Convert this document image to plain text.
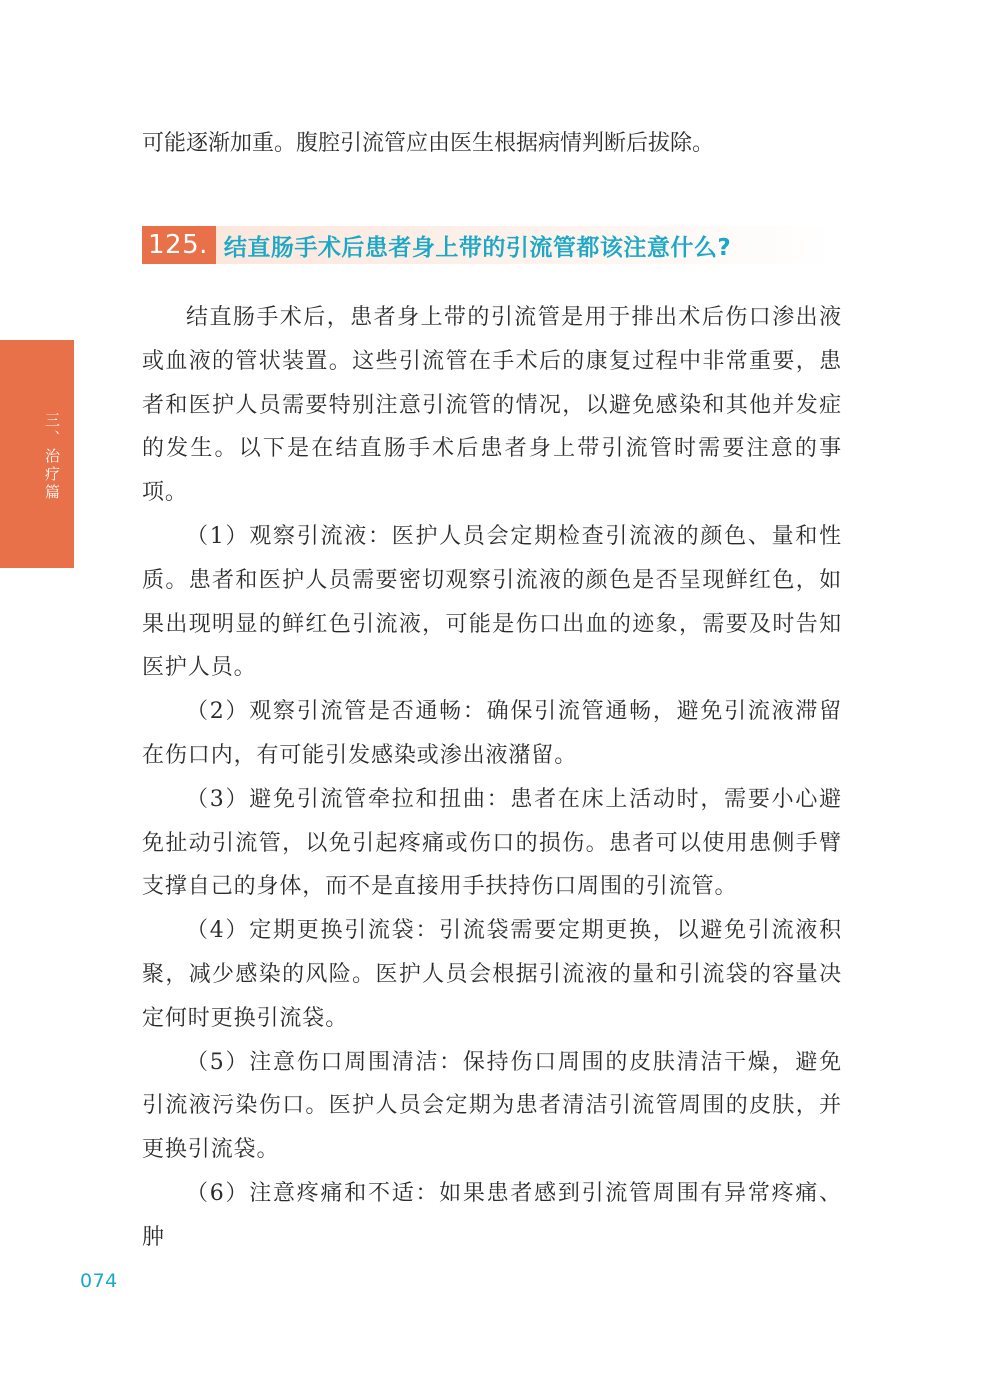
三、治疗篇

可能逐渐加重。腹腔引流管应由医生根据病情判断后拔除。

125. 结直肠手术后患者身上带的引流管都该注意什么?

结直肠手术后，患者身上带的引流管是用于排出术后伤口渗出液或血液的管状装置。这些引流管在手术后的康复过程中非常重要，患者和医护人员需要特别注意引流管的情况，以避免感染和其他并发症的发生。以下是在结直肠手术后患者身上带引流管时需要注意的事项。

（1）观察引流液：医护人员会定期检查引流液的颜色、量和性质。患者和医护人员需要密切观察引流液的颜色是否呈现鲜红色，如果出现明显的鲜红色引流液，可能是伤口出血的迹象，需要及时告知医护人员。

（2）观察引流管是否通畅：确保引流管通畅，避免引流液滞留在伤口内，有可能引发感染或渗出液潴留。

（3）避免引流管牵拉和扭曲：患者在床上活动时，需要小心避免扯动引流管，以免引起疼痛或伤口的损伤。患者可以使用患侧手臂支撑自己的身体，而不是直接用手扶持伤口周围的引流管。

（4）定期更换引流袋：引流袋需要定期更换，以避免引流液积聚，减少感染的风险。医护人员会根据引流液的量和引流袋的容量决定何时更换引流袋。

（5）注意伤口周围清洁：保持伤口周围的皮肤清洁干燥，避免引流液污染伤口。医护人员会定期为患者清洁引流管周围的皮肤，并更换引流袋。

（6）注意疼痛和不适：如果患者感到引流管周围有异常疼痛、肿

074
